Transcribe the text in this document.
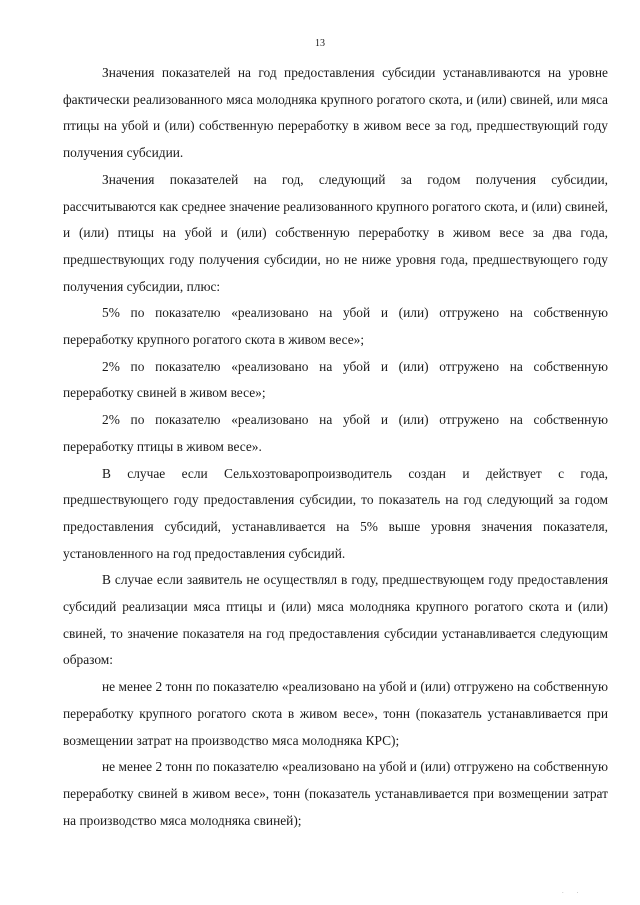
13

Значения показателей на год предоставления субсидии устанавливаются на уровне фактически реализованного мяса молодняка крупного рогатого скота, и (или) свиней, или мяса птицы на убой и (или) собственную переработку в живом весе за год, предшествующий году получения субсидии.

Значения показателей на год, следующий за годом получения субсидии, рассчитываются как среднее значение реализованного крупного рогатого скота, и (или) свиней, и (или) птицы на убой и (или) собственную переработку в живом весе за два года, предшествующих году получения субсидии, но не ниже уровня года, предшествующего году получения субсидии, плюс:

5% по показателю «реализовано на убой и (или) отгружено на собственную переработку крупного рогатого скота в живом весе»;

2% по показателю «реализовано на убой и (или) отгружено на собственную переработку свиней в живом весе»;

2% по показателю «реализовано на убой и (или) отгружено на собственную переработку птицы в живом весе».

В случае если Сельхозтоваропроизводитель создан и действует с года, предшествующего году предоставления субсидии, то показатель на год следующий за годом предоставления субсидий, устанавливается на 5% выше уровня значения показателя, установленного на год предоставления субсидий.

В случае если заявитель не осуществлял в году, предшествующем году предоставления субсидий реализации мяса птицы и (или) мяса молодняка крупного рогатого скота и (или) свиней, то значение показателя на год предоставления субсидии устанавливается следующим образом:

не менее 2 тонн по показателю «реализовано на убой и (или) отгружено на собственную переработку крупного рогатого скота в живом весе», тонн (показатель устанавливается при возмещении затрат на производство мяса молодняка КРС);

не менее 2 тонн по показателю «реализовано на убой и (или) отгружено на собственную переработку свиней в живом весе», тонн (показатель устанавливается при возмещении затрат на производство мяса молодняка свиней);

. .
